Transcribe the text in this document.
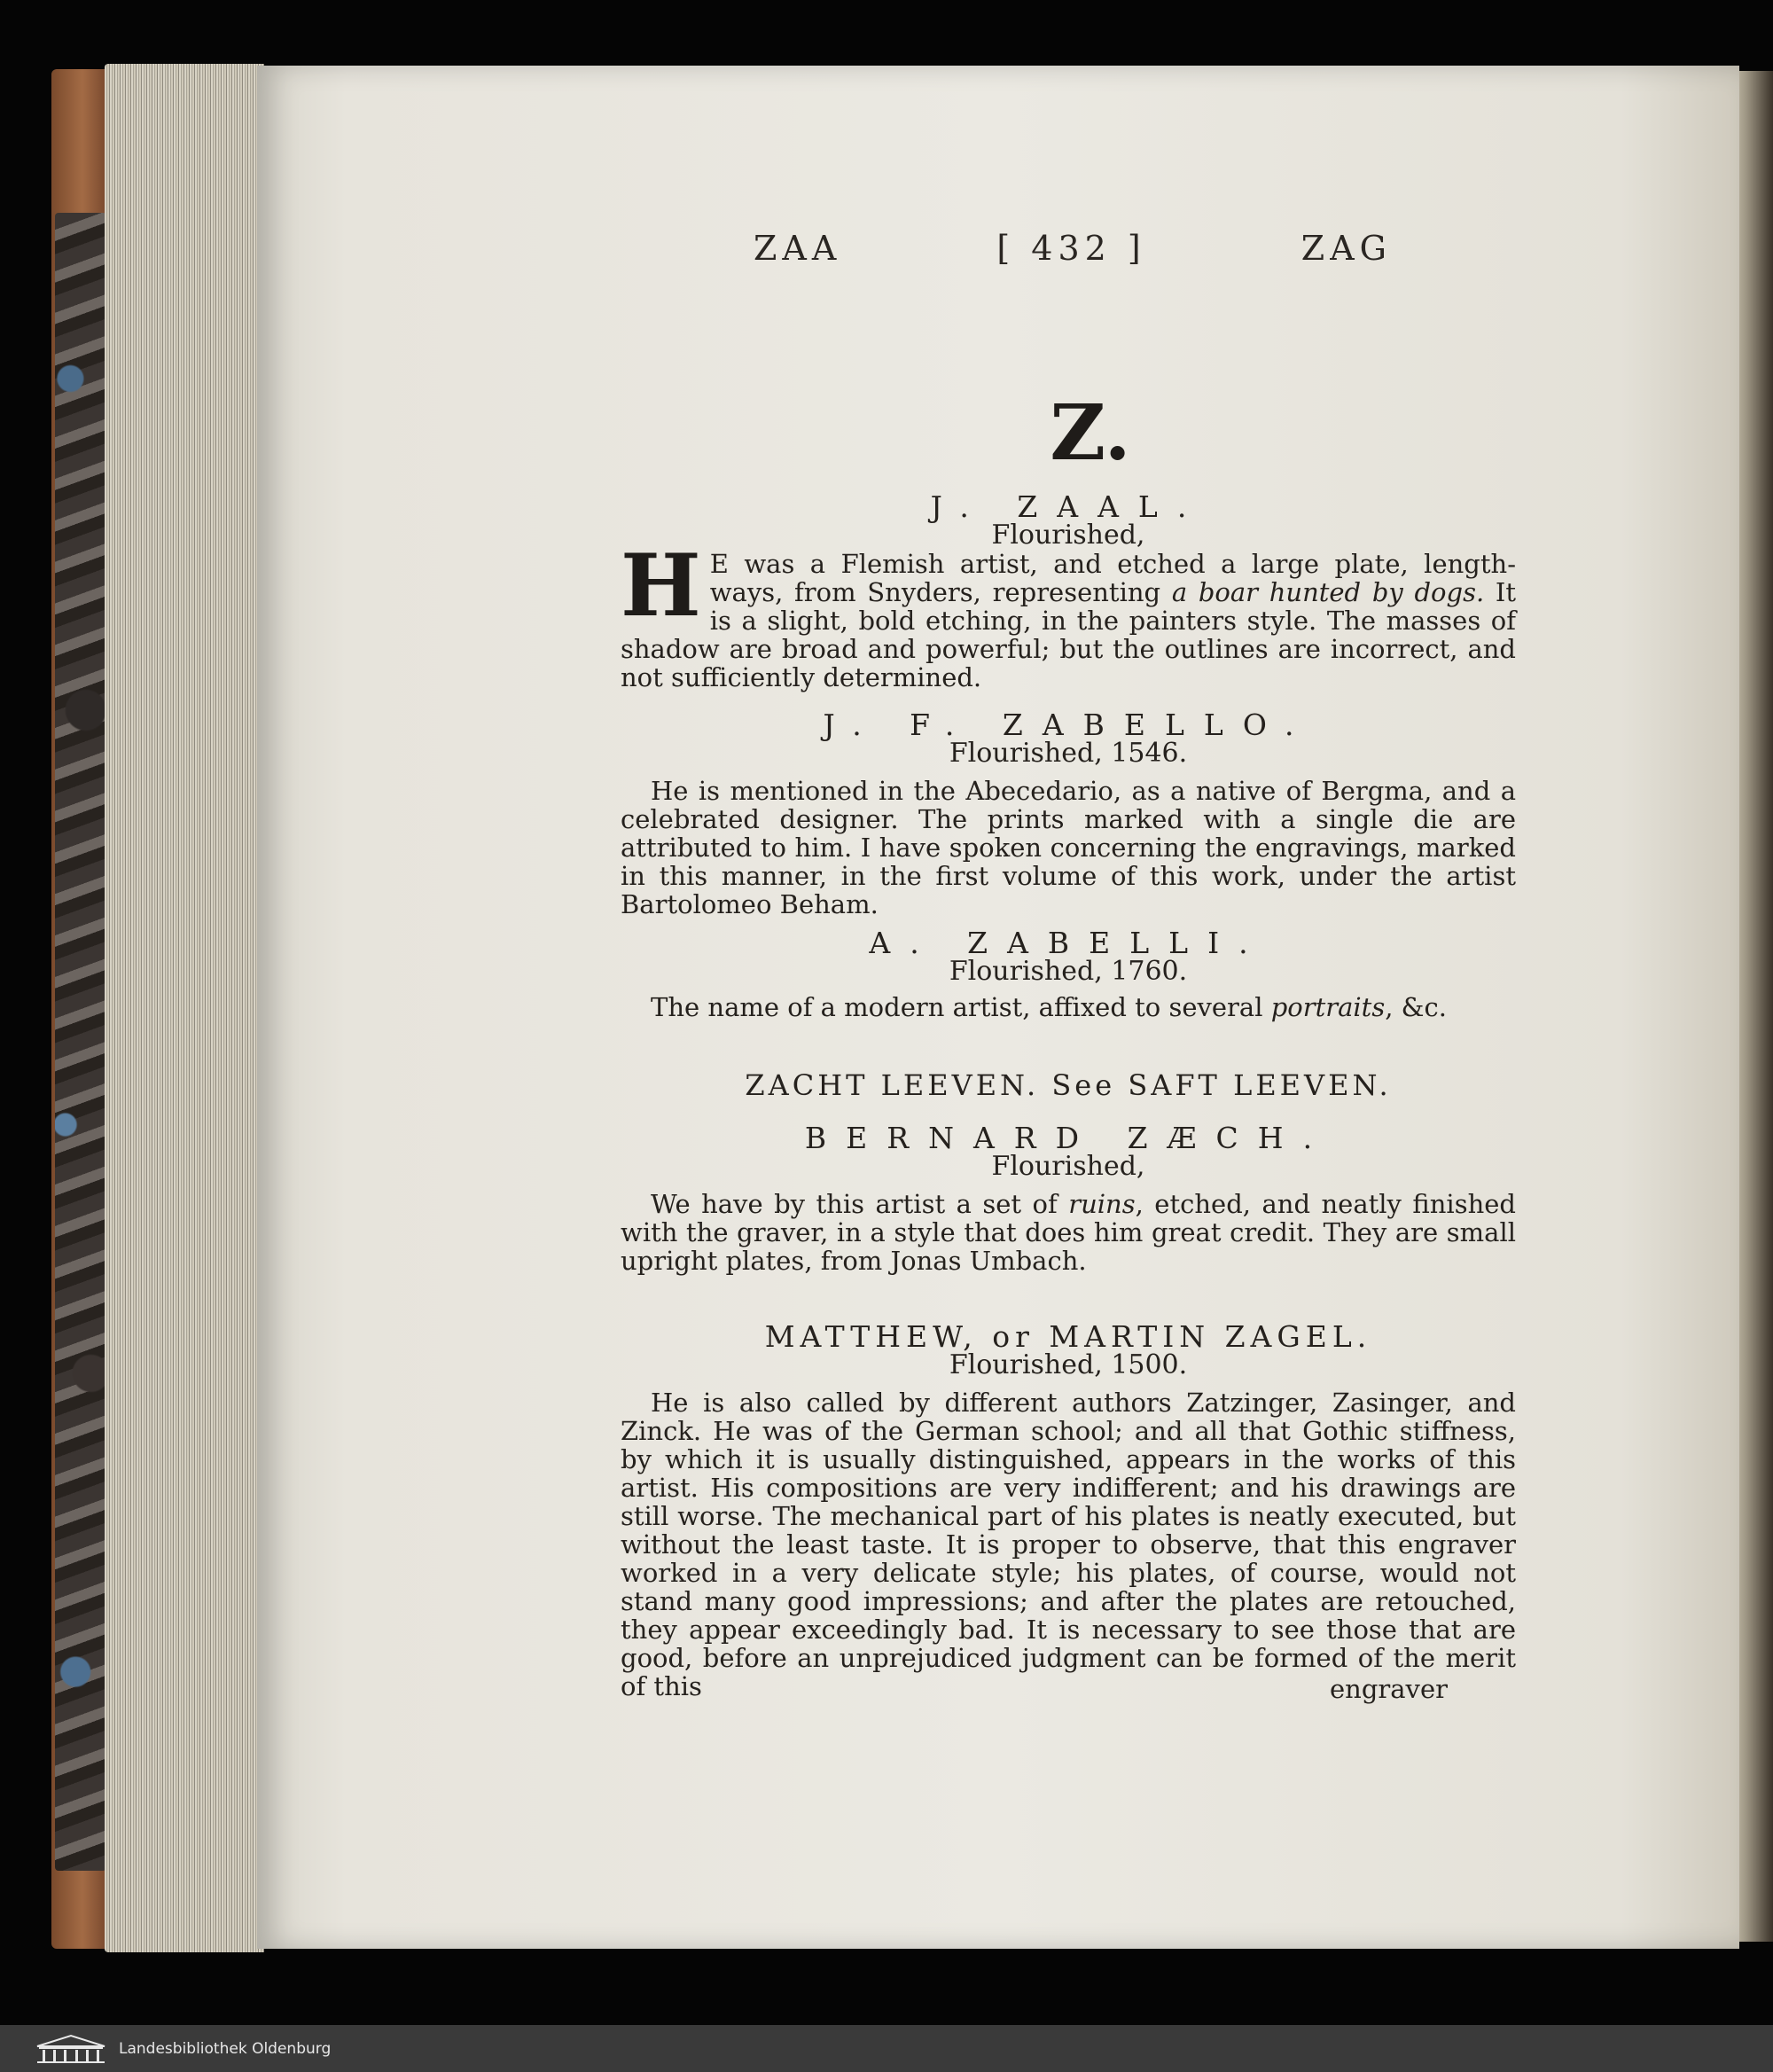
ZAA	[ 432 ]	ZAG
Z.
J. ZAAL.
Flourished,
H E was a Flemish artist, and etched a large plate, length-ways, from Snyders, representing a boar hunted by dogs. It is a slight, bold etching, in the painters style. The masses of shadow are broad and powerful; but the outlines are incorrect, and not sufficiently determined.
J. F. ZABELLO.
Flourished, 1546.
He is mentioned in the Abecedario, as a native of Bergma, and a celebrated designer. The prints marked with a single die are attributed to him. I have spoken concerning the engravings, marked in this manner, in the first volume of this work, under the artist Bartolomeo Beham.
A. ZABELLI.
Flourished, 1760.
The name of a modern artist, affixed to several portraits, &c.
ZACHT LEEVEN. See SAFT LEEVEN.
BERNARD ZÆCH.
Flourished,
We have by this artist a set of ruins, etched, and neatly finished with the graver, in a style that does him great credit. They are small upright plates, from Jonas Umbach.
MATTHEW, or MARTIN ZAGEL.
Flourished, 1500.
He is also called by different authors Zatzinger, Zasinger, and Zinck. He was of the German school; and all that Gothic stiffness, by which it is usually distinguished, appears in the works of this artist. His compositions are very indifferent; and his drawings are still worse. The mechanical part of his plates is neatly executed, but without the least taste. It is proper to observe, that this engraver worked in a very delicate style; his plates, of course, would not stand many good impressions; and after the plates are retouched, they appear exceedingly bad. It is necessary to see those that are good, before an unprejudiced judgment can be formed of the merit of this	engraver
Landesbibliothek Oldenburg
